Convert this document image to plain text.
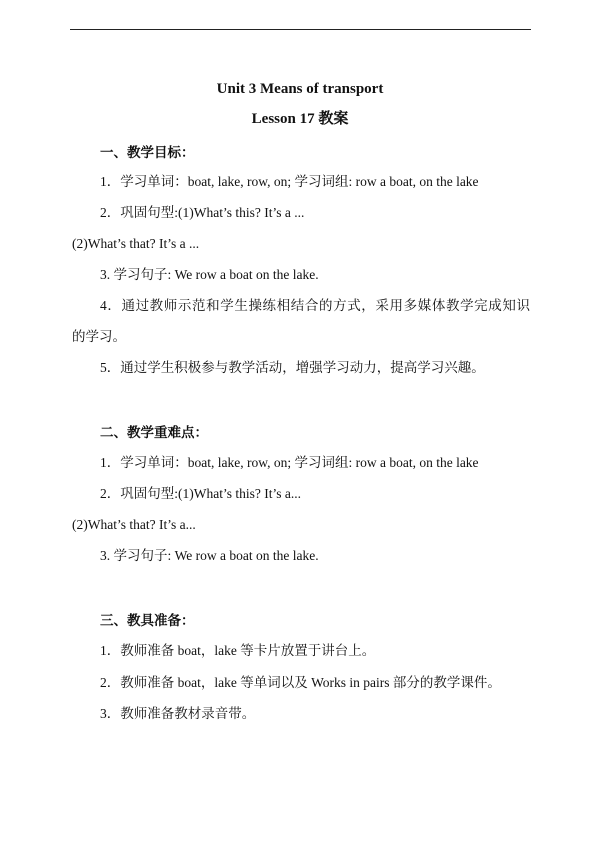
Unit 3 Means of transport
Lesson 17 教案
一、教学目标：
1．学习单词：boat, lake, row, on; 学习词组: row a boat, on the lake
2．巩固句型:(1)What’s this? It’s a ...
(2)What’s that? It’s a ...
3. 学习句子: We row a boat on the lake.
4．通过教师示范和学生操练相结合的方式，采用多媒体教学完成知识
的学习。
5．通过学生积极参与教学活动，增强学习动力，提高学习兴趣。
二、教学重难点：
1．学习单词：boat, lake, row, on; 学习词组: row a boat, on the lake
2．巩固句型:(1)What’s this? It’s a...
(2)What’s that? It’s a...
3. 学习句子: We row a boat on the lake.
三、教具准备：
1．教师准备 boat，lake 等卡片放置于讲台上。
2．教师准备 boat，lake 等单词以及 Works in pairs 部分的教学课件。
3．教师准备教材录音带。
